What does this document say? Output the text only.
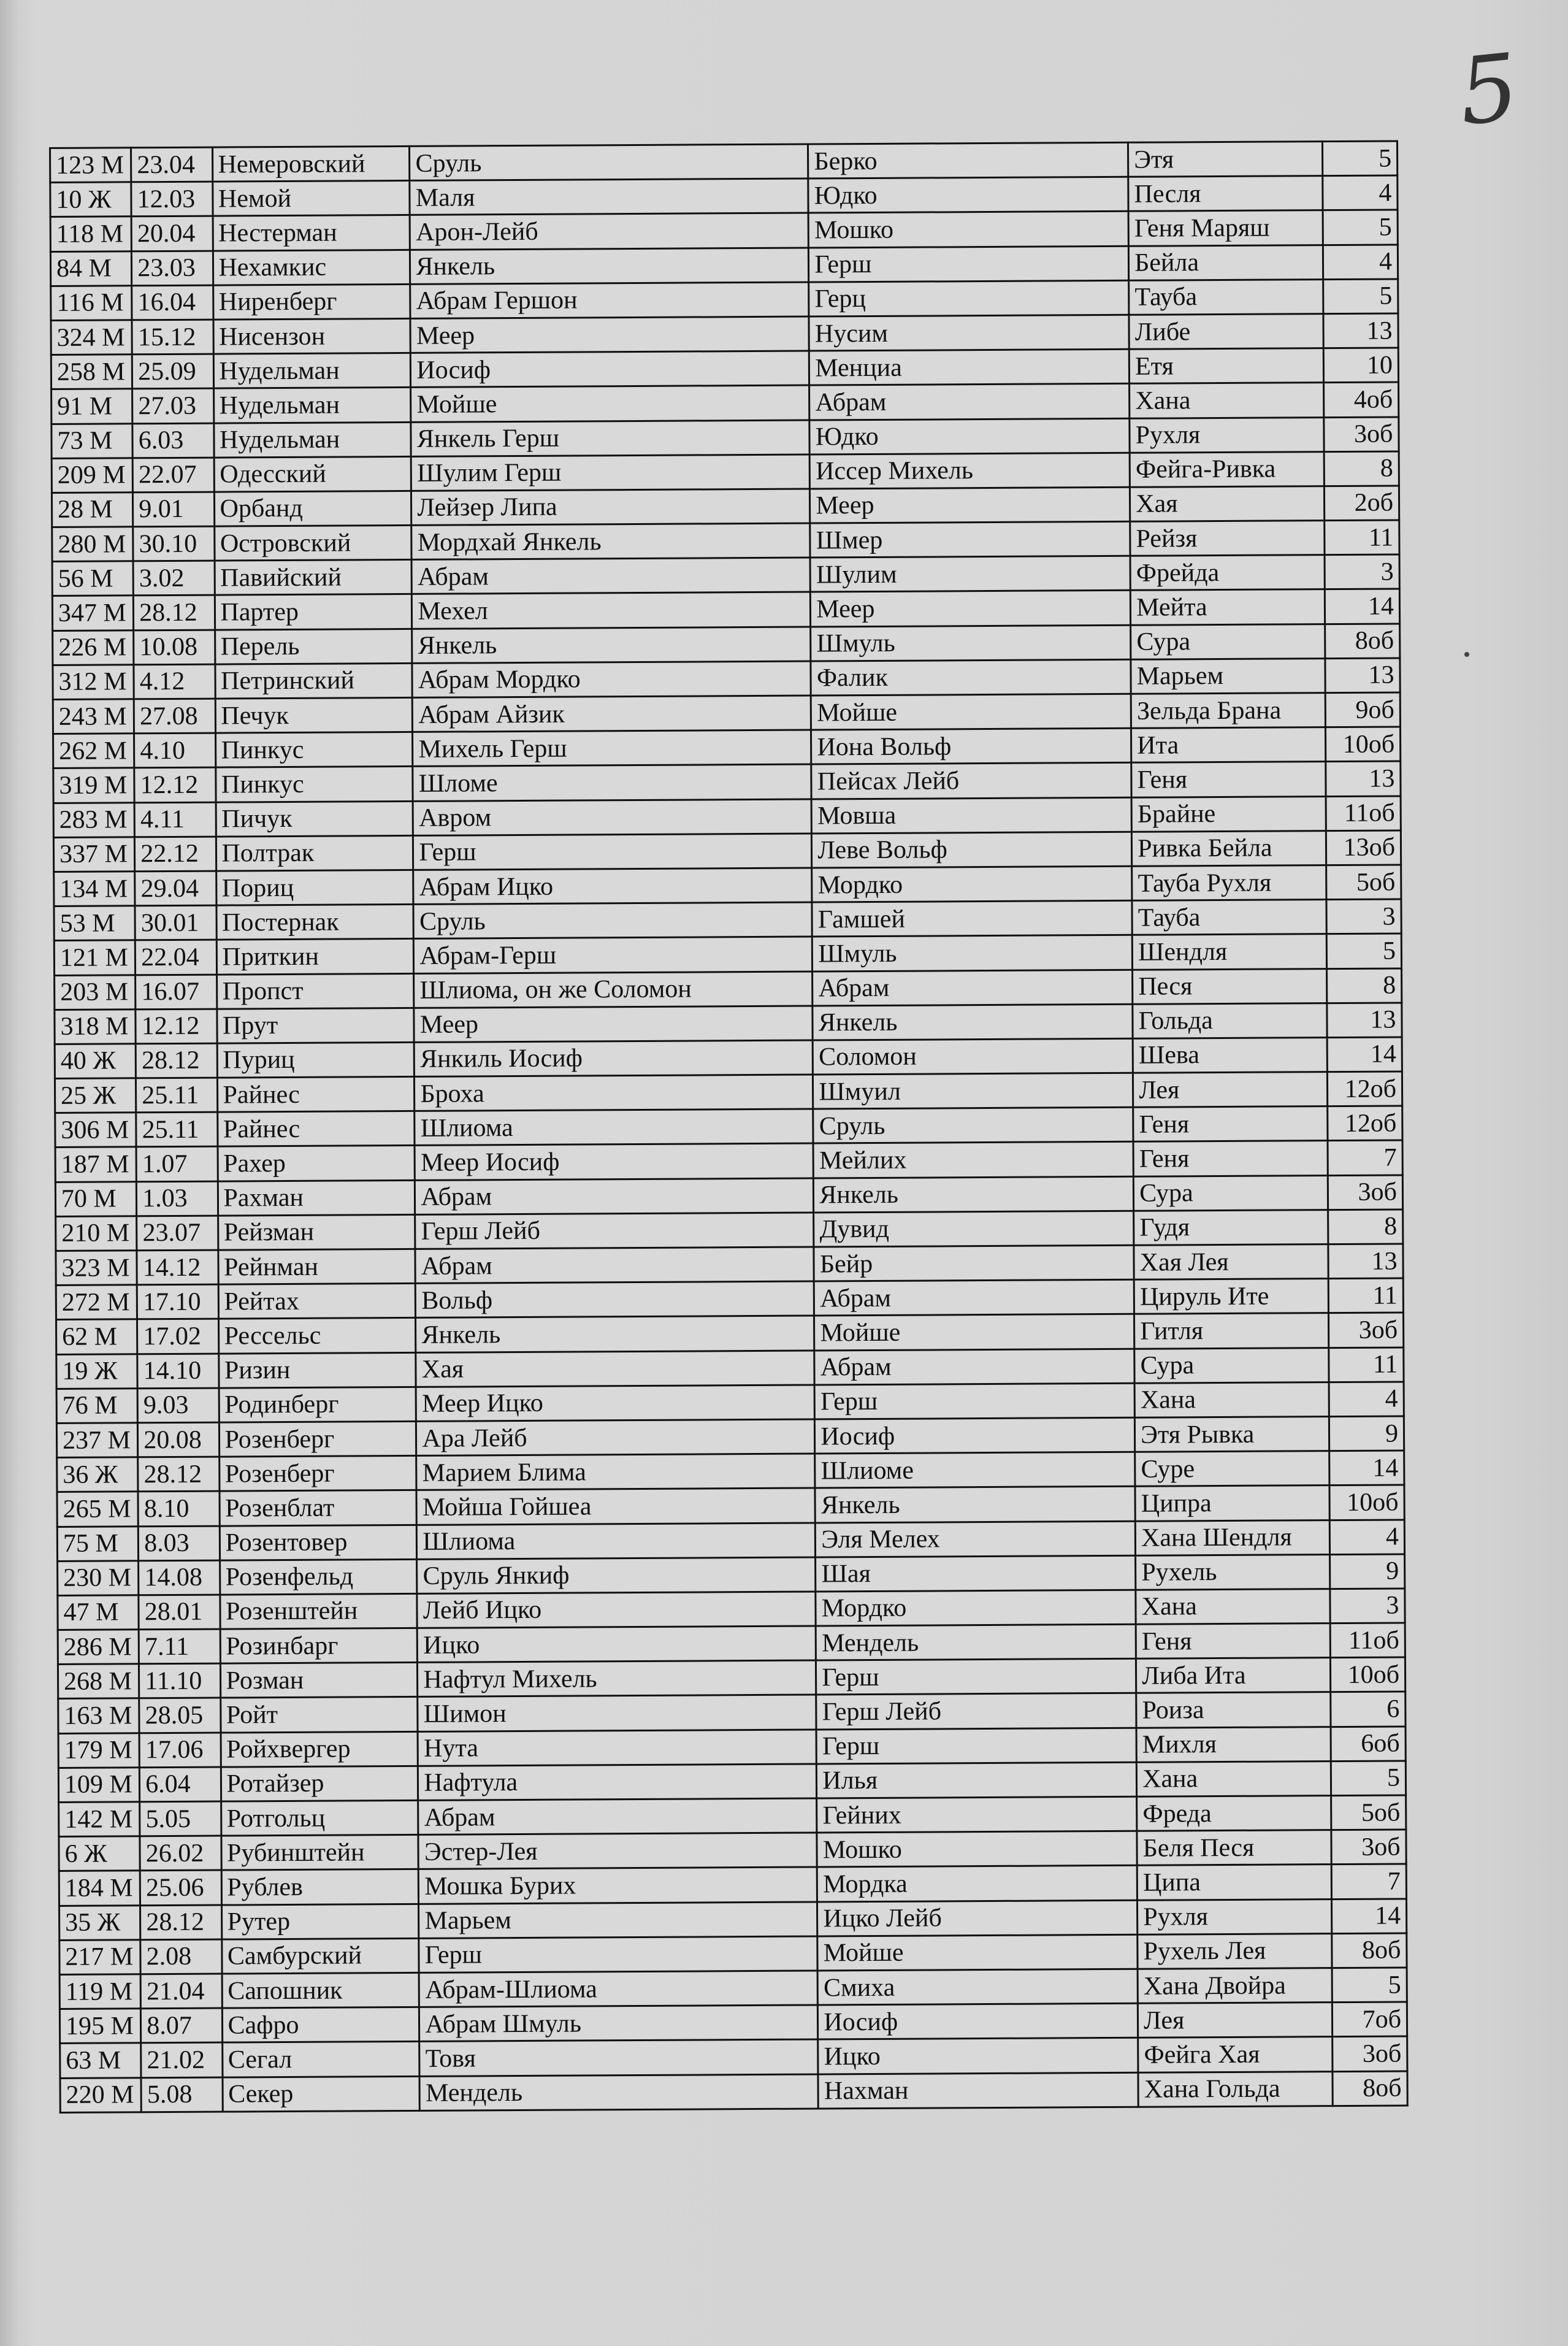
5
123 М	23.04	Немеровский	Сруль	Берко	Этя	5
10 Ж	12.03	Немой	Маля	Юдко	Песля	4
118 М	20.04	Нестерман	Арон-Лейб	Мошко	Геня Маряш	5
84 М	23.03	Нехамкис	Янкель	Герш	Бейла	4
116 М	16.04	Ниренберг	Абрам Гершон	Герц	Тауба	5
324 М	15.12	Нисензон	Меер	Нусим	Либе	13
258 М	25.09	Нудельман	Иосиф	Менциа	Етя	10
91 М	27.03	Нудельман	Мойше	Абрам	Хана	4об
73 М	6.03	Нудельман	Янкель Герш	Юдко	Рухля	3об
209 М	22.07	Одесский	Шулим Герш	Иссер Михель	Фейга-Ривка	8
28 М	9.01	Орбанд	Лейзер Липа	Меер	Хая	2об
280 М	30.10	Островский	Мордхай Янкель	Шмер	Рейзя	11
56 М	3.02	Павийский	Абрам	Шулим	Фрейда	3
347 М	28.12	Партер	Мехел	Меер	Мейта	14
226 М	10.08	Перель	Янкель	Шмуль	Сура	8об
312 М	4.12	Петринский	Абрам Мордко	Фалик	Марьем	13
243 М	27.08	Печук	Абрам Айзик	Мойше	Зельда Брана	9об
262 М	4.10	Пинкус	Михель Герш	Иона Вольф	Ита	10об
319 М	12.12	Пинкус	Шломе	Пейсах Лейб	Геня	13
283 М	4.11	Пичук	Авром	Мовша	Брайне	11об
337 М	22.12	Полтрак	Герш	Леве Вольф	Ривка Бейла	13об
134 М	29.04	Пориц	Абрам Ицко	Мордко	Тауба Рухля	5об
53 М	30.01	Постернак	Сруль	Гамшей	Тауба	3
121 М	22.04	Приткин	Абрам-Герш	Шмуль	Шендля	5
203 М	16.07	Пропст	Шлиома, он же Соломон	Абрам	Песя	8
318 М	12.12	Прут	Меер	Янкель	Гольда	13
40 Ж	28.12	Пуриц	Янкиль Иосиф	Соломон	Шева	14
25 Ж	25.11	Райнес	Броха	Шмуил	Лея	12об
306 М	25.11	Райнес	Шлиома	Сруль	Геня	12об
187 М	1.07	Рахер	Меер Иосиф	Мейлих	Геня	7
70 М	1.03	Рахман	Абрам	Янкель	Сура	3об
210 М	23.07	Рейзман	Герш Лейб	Дувид	Гудя	8
323 М	14.12	Рейнман	Абрам	Бейр	Хая Лея	13
272 М	17.10	Рейтах	Вольф	Абрам	Цируль Ите	11
62 М	17.02	Рессельс	Янкель	Мойше	Гитля	3об
19 Ж	14.10	Ризин	Хая	Абрам	Сура	11
76 М	9.03	Родинберг	Меер Ицко	Герш	Хана	4
237 М	20.08	Розенберг	Ара Лейб	Иосиф	Этя Рывка	9
36 Ж	28.12	Розенберг	Марием Блима	Шлиоме	Суре	14
265 М	8.10	Розенблат	Мойша Гойшеа	Янкель	Ципра	10об
75 М	8.03	Розентовер	Шлиома	Эля Мелех	Хана Шендля	4
230 М	14.08	Розенфельд	Сруль Янкиф	Шая	Рухель	9
47 М	28.01	Розенштейн	Лейб Ицко	Мордко	Хана	3
286 М	7.11	Розинбарг	Ицко	Мендель	Геня	11об
268 М	11.10	Розман	Нафтул Михель	Герш	Либа Ита	10об
163 М	28.05	Ройт	Шимон	Герш Лейб	Роиза	6
179 М	17.06	Ройхвергер	Нута	Герш	Михля	6об
109 М	6.04	Ротайзер	Нафтула	Илья	Хана	5
142 М	5.05	Ротгольц	Абрам	Гейних	Фреда	5об
6 Ж	26.02	Рубинштейн	Эстер-Лея	Мошко	Беля Песя	3об
184 М	25.06	Рублев	Мошка Бурих	Мордка	Ципа	7
35 Ж	28.12	Рутер	Марьем	Ицко Лейб	Рухля	14
217 М	2.08	Самбурский	Герш	Мойше	Рухель Лея	8об
119 М	21.04	Сапошник	Абрам-Шлиома	Смиха	Хана Двойра	5
195 М	8.07	Сафро	Абрам Шмуль	Иосиф	Лея	7об
63 М	21.02	Сегал	Товя	Ицко	Фейга Хая	3об
220 М	5.08	Секер	Мендель	Нахман	Хана Гольда	8об
